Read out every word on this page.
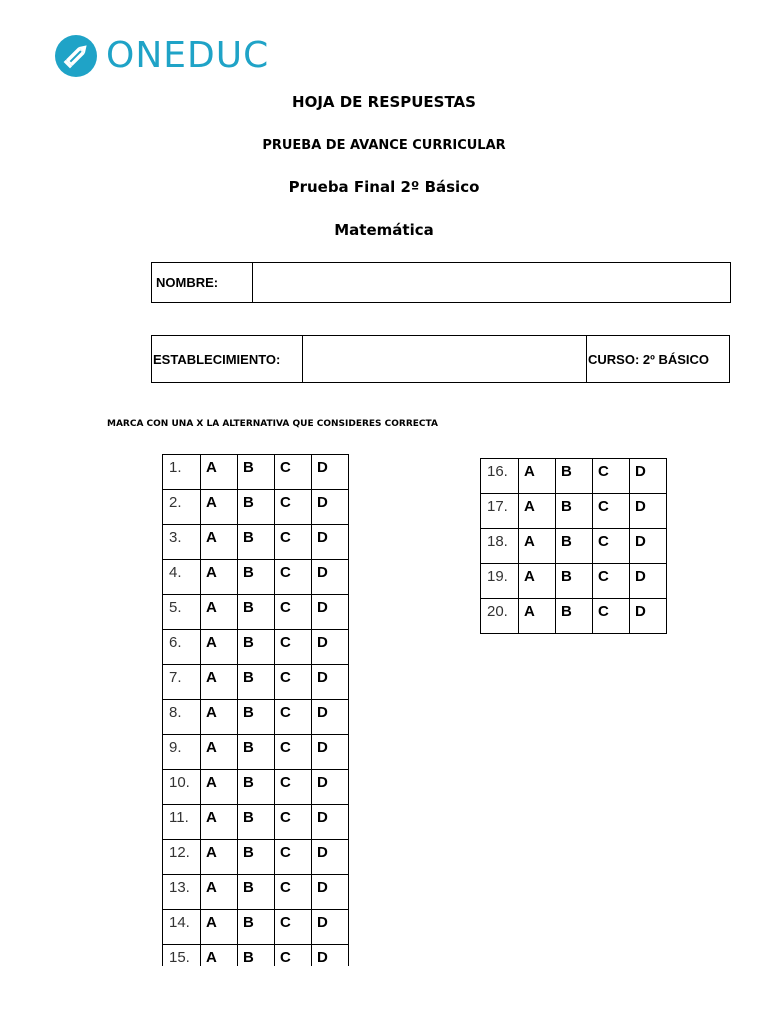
ONEDUC
HOJA DE RESPUESTAS
PRUEBA DE AVANCE CURRICULAR
Prueba Final 2º Básico
Matemática
NOMBRE:	
ESTABLECIMIENTO:		CURSO: 2º BÁSICO
MARCA CON UNA X LA ALTERNATIVA QUE CONSIDERES CORRECTA
1.	A	B	C	D
2.	A	B	C	D
3.	A	B	C	D
4.	A	B	C	D
5.	A	B	C	D
6.	A	B	C	D
7.	A	B	C	D
8.	A	B	C	D
9.	A	B	C	D
10.	A	B	C	D
11.	A	B	C	D
12.	A	B	C	D
13.	A	B	C	D
14.	A	B	C	D
15.	A	B	C	D
16.	A	B	C	D
17.	A	B	C	D
18.	A	B	C	D
19.	A	B	C	D
20.	A	B	C	D
